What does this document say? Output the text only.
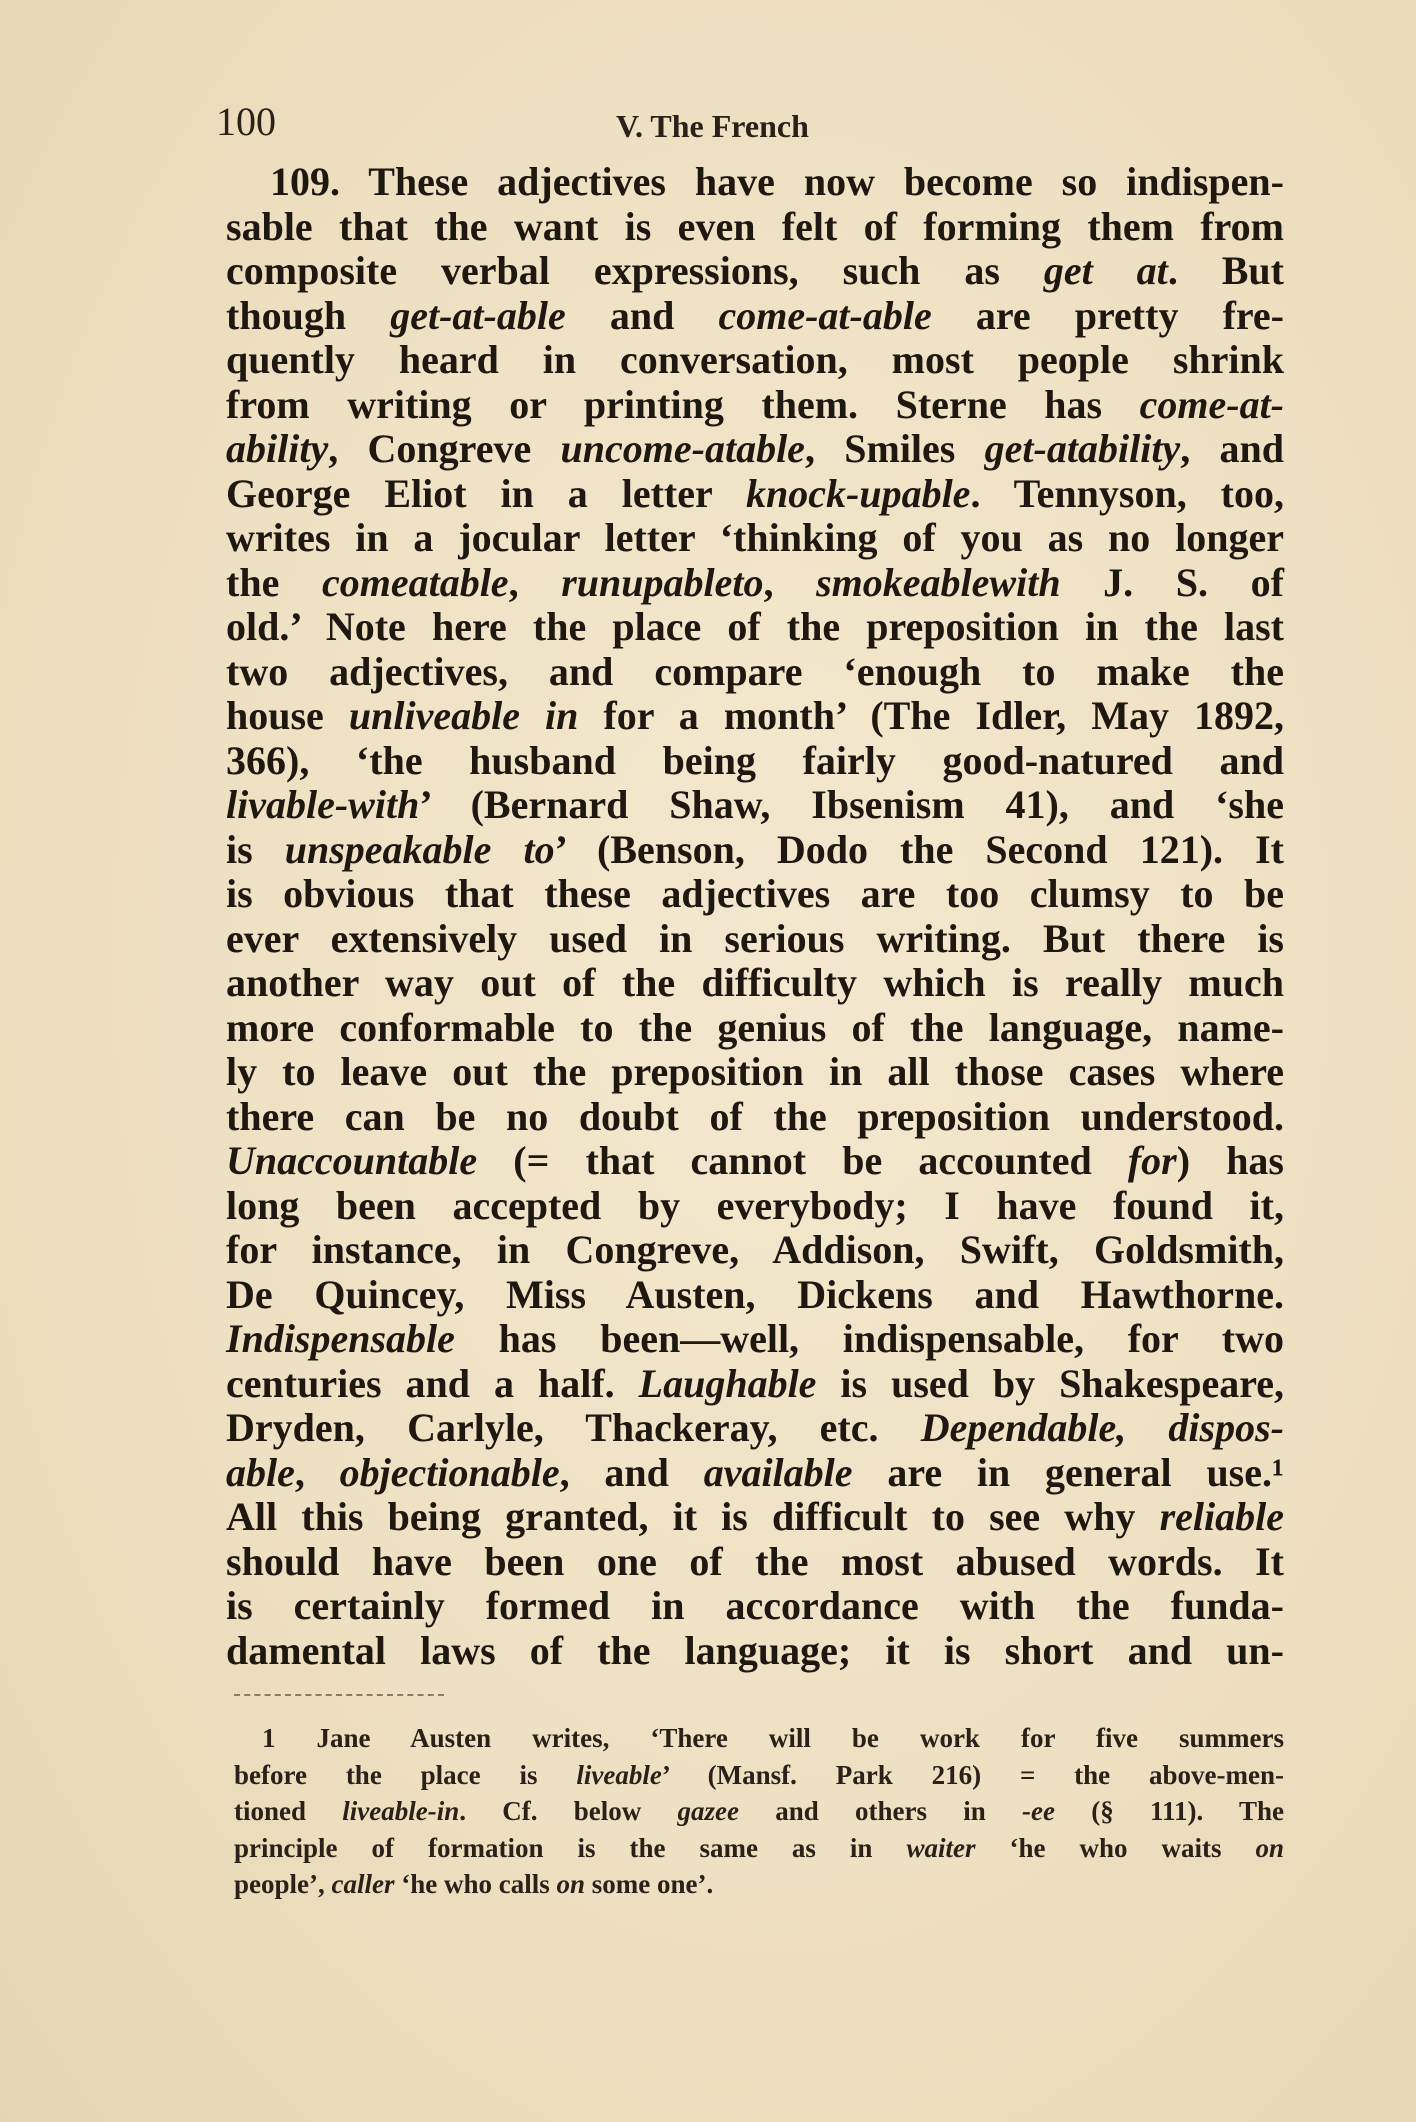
100	V. The French
109. These adjectives have now become so indispen-
sable that the want is even felt of forming them from
composite verbal expressions, such as get at. But
though get-at-able and come-at-able are pretty fre-
quently heard in conversation, most people shrink
from writing or printing them. Sterne has come-at-
ability, Congreve uncome-atable, Smiles get-atability, and
George Eliot in a letter knock-upable. Tennyson, too,
writes in a jocular letter ‘thinking of you as no longer
the comeatable, runupableto, smokeablewith J. S. of
old.’ Note here the place of the preposition in the last
two adjectives, and compare ‘enough to make the
house unliveable in for a month’ (The Idler, May 1892,
366), ‘the husband being fairly good-natured and
livable-with’ (Bernard Shaw, Ibsenism 41), and ‘she
is unspeakable to’ (Benson, Dodo the Second 121). It
is obvious that these adjectives are too clumsy to be
ever extensively used in serious writing. But there is
another way out of the difficulty which is really much
more conformable to the genius of the language, name-
ly to leave out the preposition in all those cases where
there can be no doubt of the preposition understood.
Unaccountable (= that cannot be accounted for) has
long been accepted by everybody; I have found it,
for instance, in Congreve, Addison, Swift, Goldsmith,
De Quincey, Miss Austen, Dickens and Hawthorne.
Indispensable has been—well, indispensable, for two
centuries and a half. Laughable is used by Shakespeare,
Dryden, Carlyle, Thackeray, etc. Dependable, dispos-
able, objectionable, and available are in general use.¹
All this being granted, it is difficult to see why reliable
should have been one of the most abused words. It
is certainly formed in accordance with the funda-
damental laws of the language; it is short and un-
1 Jane Austen writes, ‘There will be work for five summers
before the place is liveable’ (Mansf. Park 216) = the above-men-
tioned liveable-in. Cf. below gazee and others in -ee (§ 111). The
principle of formation is the same as in waiter ‘he who waits on
people’, caller ‘he who calls on some one’.
